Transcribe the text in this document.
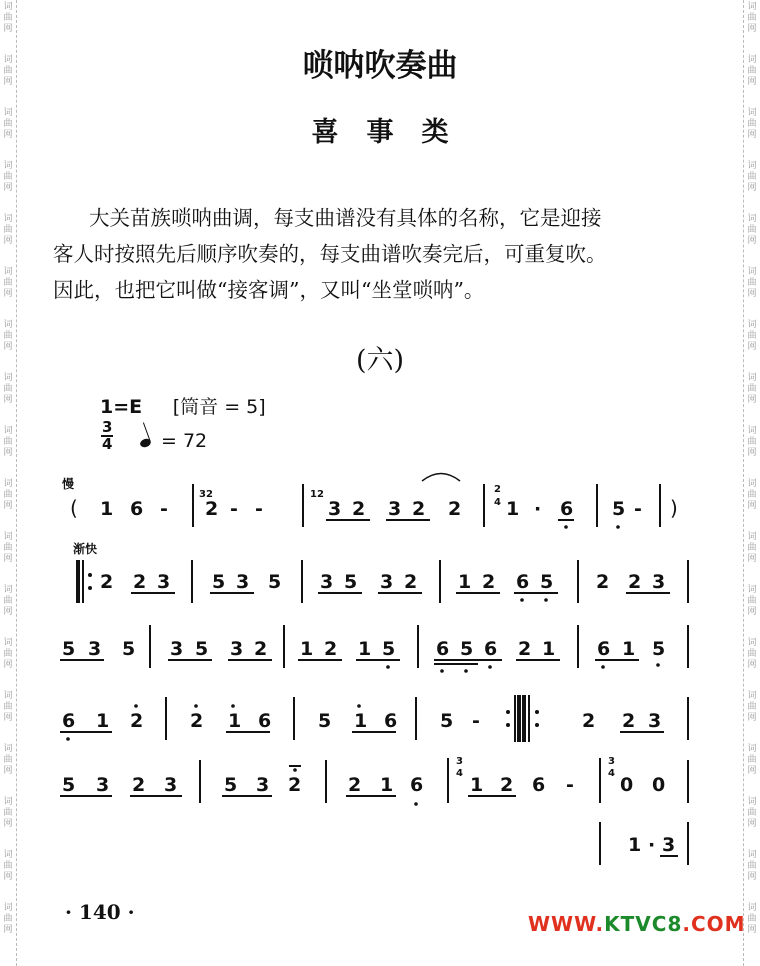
词
曲
网
词
曲
网
词
曲
网
词
曲
网
词
曲
网
词
曲
网
词
曲
网
词
曲
网
词
曲
网
词
曲
网
词
曲
网
词
曲
网
词
曲
网
词
曲
网
词
曲
网
词
曲
网
词
曲
网
词
曲
网
词
曲
网
词
曲
网
词
曲
网
词
曲
网
词
曲
网
词
曲
网
词
曲
网
词
曲
网
词
曲
网
词
曲
网
词
曲
网
词
曲
网
词
曲
网
词
曲
网
词
曲
网
词
曲
网
词
曲
网
词
曲
网
唢呐吹奏曲
喜事类
大关苗族唢呐曲调，每支曲谱没有具体的名称，它是迎接
客人时按照先后顺序吹奏的，每支曲谱吹奏完后，可重复吹。
因此，也把它叫做“接客调”，又叫“坐堂唢呐”。
(六)
1=E [筒音 = 5]
$\frac{3}{4}$	= 72
慢
渐快
( 1 6 - 2 - -	3 2 3 2 2 1 · 6 5 - )
32	12	2
4
2 2 3 5 3 5 3 5 3 2 1 2 6 5 2 2 3
5 3 5 3 5 3 2 1 2 1 5 6 5 6 2 1 6 1 5
6 1 2 2 1 6 5 1 6 5 -	2 2 3
5 3 2 3 5 3 2 2 1 6 1 2 6 - 0 0
3
4
3
4
1 · 3
· 140 ·	WWW.KTVC8.COM
